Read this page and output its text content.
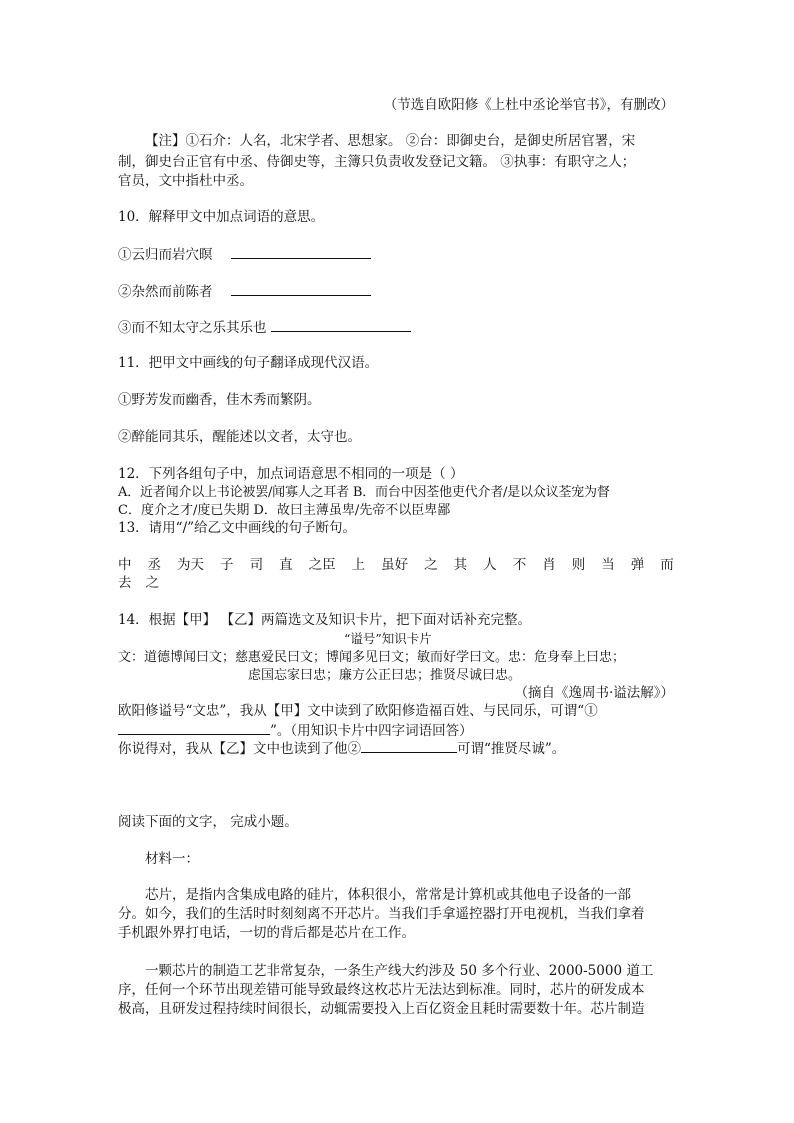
（节选自欧阳修《上杜中丞论举官书》，有删改）
【注】①石介：人名，北宋学者、思想家。 ②台：即御史台，是御史所居官署，宋
制，御史台正官有中丞、侍御史等，主簿只负责收发登记文籍。 ③执事：有职守之人；
官员，文中指杜中丞。
10．解释甲文中加点词语的意思。
①云归而岩穴暝
②杂然而前陈者
③而不知太守之乐其乐也
11．把甲文中画线的句子翻译成现代汉语。
①野芳发而幽香，佳木秀而繁阴。
②醉能同其乐，醒能述以文者，太守也。
12．下列各组句子中，加点词语意思不相同的一项是（ ）
A．近者闻介以上书论被罢/闻寡人之耳者 B．而台中因荃他吏代介者/是以众议荃宠为督
C．度介之才/度已失期 D．故曰主薄虽卑/先帝不以臣卑鄙
13．请用“/”给乙文中画线的句子断句。
中 丞 为天 子 司 直 之臣 上 虽好 之 其 人 不 肖 则 当 弹 而
去 之
14．根据【甲】 【乙】两篇选文及知识卡片，把下面对话补充完整。
“谥号”知识卡片
文：道德博闻曰文；慈惠爱民曰文；博闻多见曰文；敏而好学曰文。忠：危身奉上曰忠；
虑国忘家曰忠；廉方公正曰忠；推贤尽诚曰忠。
（摘自《逸周书·谥法解》）
欧阳修谥号“文忠”，我从【甲】文中读到了欧阳修造福百姓、与民同乐，可谓“①
”。（用知识卡片中四字词语回答）
你说得对，我从【乙】文中也读到了他②	可谓“推贤尽诚”。
阅读下面的文字， 完成小题。
材料一：
芯片，是指内含集成电路的硅片，体积很小，常常是计算机或其他电子设备的一部
分。如今，我们的生活时时刻刻离不开芯片。当我们手拿遥控器打开电视机，当我们拿着
手机跟外界打电话，一切的背后都是芯片在工作。
一颗芯片的制造工艺非常复杂，一条生产线大约涉及 50 多个行业、2000-5000 道工
序，任何一个环节出现差错可能导致最终这枚芯片无法达到标准。同时，芯片的研发成本
极高，且研发过程持续时间很长，动辄需要投入上百亿资金且耗时需要数十年。芯片制造
